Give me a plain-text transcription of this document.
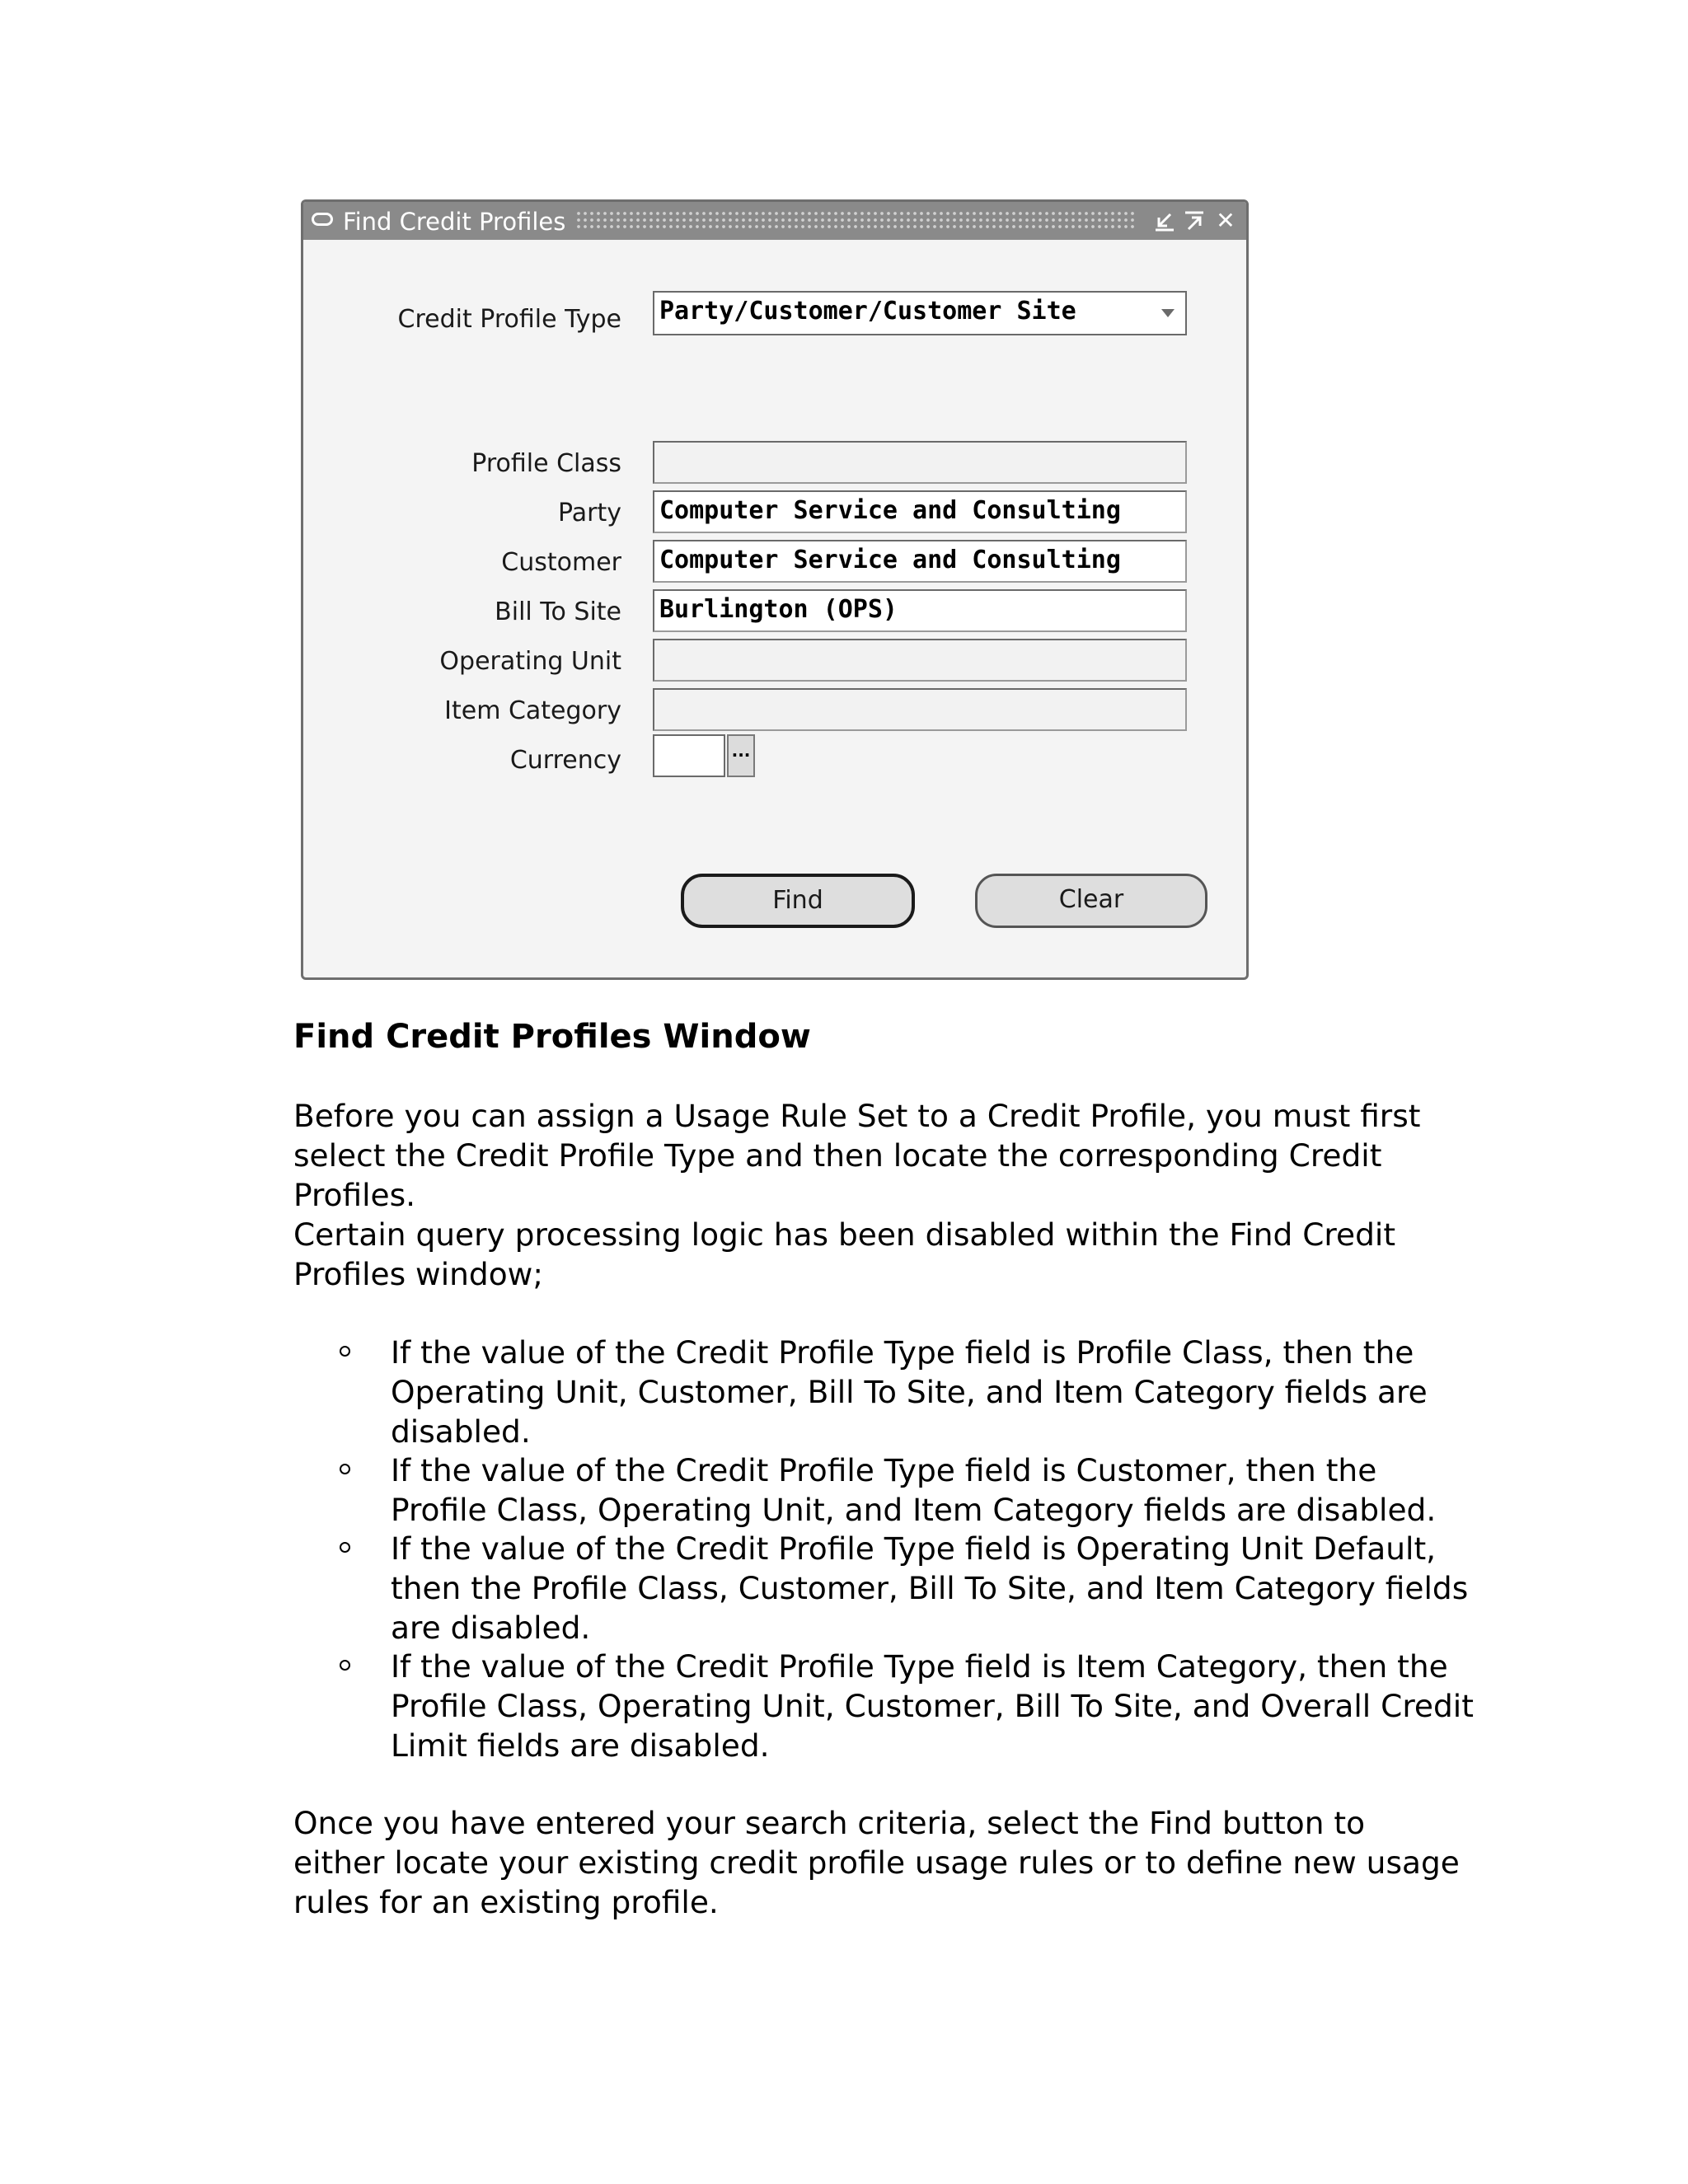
Find Credit Profiles	✕
Credit Profile Type Party/Customer/Customer Site
Profile Class
Party Computer Service and Consulting
Customer Computer Service and Consulting
Bill To Site Burlington (OPS)
Operating Unit
Item Category
Currency	...
Find	Clear
Find Credit Profiles Window
Before you can assign a Usage Rule Set to a Credit Profile, you must first select the Credit Profile Type and then locate the corresponding Credit Profiles.
Certain query processing logic has been disabled within the Find Credit Profiles window;
If the value of the Credit Profile Type field is Profile Class, then the Operating Unit, Customer, Bill To Site, and Item Category fields are disabled.
If the value of the Credit Profile Type field is Customer, then the Profile Class, Operating Unit, and Item Category fields are disabled.
If the value of the Credit Profile Type field is Operating Unit Default, then the Profile Class, Customer, Bill To Site, and Item Category fields are disabled.
If the value of the Credit Profile Type field is Item Category, then the Profile Class, Operating Unit, Customer, Bill To Site, and Overall Credit Limit fields are disabled.
Once you have entered your search criteria, select the Find button to either locate your existing credit profile usage rules or to define new usage rules for an existing profile.
